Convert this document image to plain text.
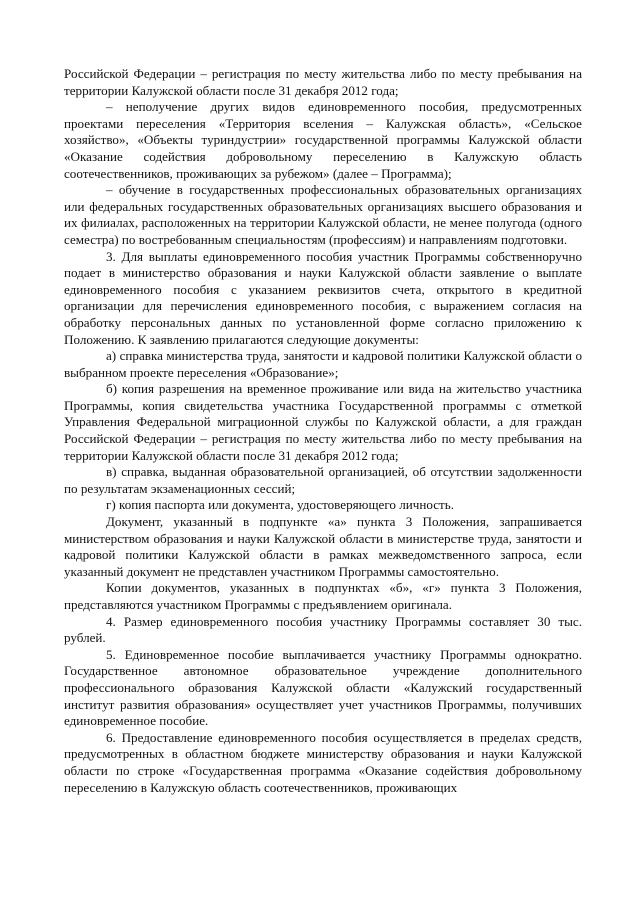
Российской Федерации – регистрация по месту жительства либо по месту пребывания на территории Калужской области после 31 декабря 2012 года;

– неполучение других видов единовременного пособия, предусмотренных проектами переселения «Территория вселения – Калужская область», «Сельское хозяйство», «Объекты туриндустрии» государственной программы Калужской области «Оказание содействия добровольному переселению в Калужскую область соотечественников, проживающих за рубежом» (далее – Программа);

– обучение в государственных профессиональных образовательных организациях или федеральных государственных образовательных организациях высшего образования и их филиалах, расположенных на территории Калужской области, не менее полугода (одного семестра) по востребованным специальностям (профессиям) и направлениям подготовки.

3. Для выплаты единовременного пособия участник Программы собственноручно подает в министерство образования и науки Калужской области заявление о выплате единовременного пособия с указанием реквизитов счета, открытого в кредитной организации для перечисления единовременного пособия, с выражением согласия на обработку персональных данных по установленной форме согласно приложению к Положению. К заявлению прилагаются следующие документы:

а) справка министерства труда, занятости и кадровой политики Калужской области о выбранном проекте переселения «Образование»;

б) копия разрешения на временное проживание или вида на жительство участника Программы, копия свидетельства участника Государственной программы с отметкой Управления Федеральной миграционной службы по Калужской области, а для граждан Российской Федерации – регистрация по месту жительства либо по месту пребывания на территории Калужской области после 31 декабря 2012 года;

в) справка, выданная образовательной организацией, об отсутствии задолженности по результатам экзаменационных сессий;

г) копия паспорта или документа, удостоверяющего личность.

Документ, указанный в подпункте «а» пункта 3 Положения, запрашивается министерством образования и науки Калужской области в министерстве труда, занятости и кадровой политики Калужской области в рамках межведомственного запроса, если указанный документ не представлен участником Программы самостоятельно.

Копии документов, указанных в подпунктах «б», «г» пункта 3 Положения, представляются участником Программы с предъявлением оригинала.

4. Размер единовременного пособия участнику Программы составляет 30 тыс. рублей.

5. Единовременное пособие выплачивается участнику Программы однократно. Государственное автономное образовательное учреждение дополнительного профессионального образования Калужской области «Калужский государственный институт развития образования» осуществляет учет участников Программы, получивших единовременное пособие.

6. Предоставление единовременного пособия осуществляется в пределах средств, предусмотренных в областном бюджете министерству образования и науки Калужской области по строке «Государственная программа «Оказание содействия добровольному переселению в Калужскую область соотечественников, проживающих
